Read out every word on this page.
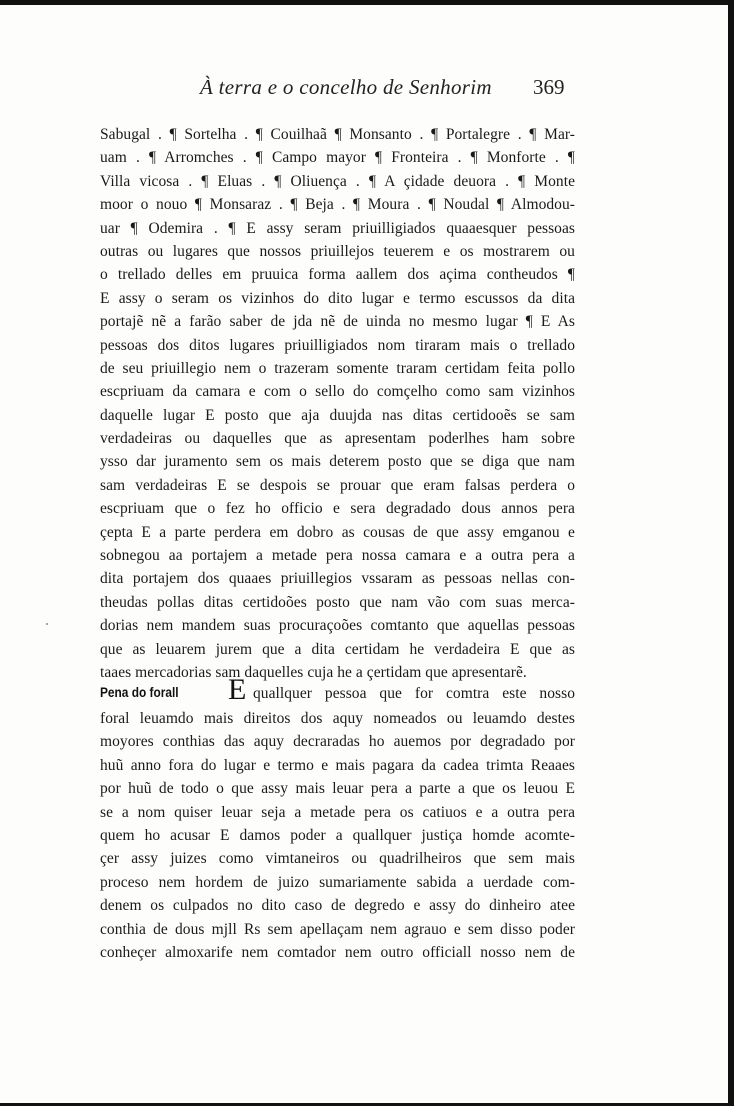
À terra e o concelho de Senhorim 369
Sabugal . ¶ Sortelha . ¶ Couilhaã ¶ Monsanto . ¶ Portalegre . ¶ Mar-
uam . ¶ Arromches . ¶ Campo mayor ¶ Fronteira . ¶ Monforte . ¶
Villa vicosa . ¶ Eluas . ¶ Oliuença . ¶ A çidade deuora . ¶ Monte
moor o nouo ¶ Monsaraz . ¶ Beja . ¶ Moura . ¶ Noudal ¶ Almodou-
uar ¶ Odemira . ¶ E assy seram priuilligiados quaaesquer pessoas
outras ou lugares que nossos priuillejos teuerem e os mostrarem ou
o trellado delles em pruuica forma aallem dos açima contheudos ¶
E assy o seram os vizinhos do dito lugar e termo escussos da dita
portajẽ nẽ a farão saber de jda nẽ de uinda no mesmo lugar ¶ E As
pessoas dos ditos lugares priuilligiados nom tiraram mais o trellado
de seu priuillegio nem o trazeram somente traram certidam feita pollo
escpriuam da camara e com o sello do comçelho como sam vizinhos
daquelle lugar E posto que aja duujda nas ditas certidooẽs se sam
verdadeiras ou daquelles que as apresentam poderlhes ham sobre
ysso dar juramento sem os mais deterem posto que se diga que nam
sam verdadeiras E se despois se prouar que eram falsas perdera o
escpriuam que o fez ho officio e sera degradado dous annos pera
çepta E a parte perdera em dobro as cousas de que assy emganou e
sobnegou aa portajem a metade pera nossa camara e a outra pera a
dita portajem dos quaaes priuillegios vssaram as pessoas nellas con-
theudas pollas ditas certidoões posto que nam vão com suas merca-
dorias nem mandem suas procuraçoões comtanto que aquellas pessoas
que as leuarem jurem que a dita certidam he verdadeira E que as
taaes mercadorias sam daquelles cuja he a çertidam que apresentarẽ.
Pena do forall E quallquer pessoa que for comtra este nosso
foral leuamdo mais direitos dos aquy nomeados ou leuamdo destes
moyores conthias das aquy decraradas ho auemos por degradado por
huũ anno fora do lugar e termo e mais pagara da cadea trimta Reaaes
por huũ de todo o que assy mais leuar pera a parte a que os leuou E
se a nom quiser leuar seja a metade pera os catiuos e a outra pera
quem ho acusar E damos poder a quallquer justiça homde acomte-
çer assy juizes como vimtaneiros ou quadrilheiros que sem mais
proceso nem hordem de juizo sumariamente sabida a uerdade com-
denem os culpados no dito caso de degredo e assy do dinheiro atee
conthia de dous mjll Rs sem apellaçam nem agrauo e sem disso poder
conheçer almoxarife nem comtador nem outro officiall nosso nem de
